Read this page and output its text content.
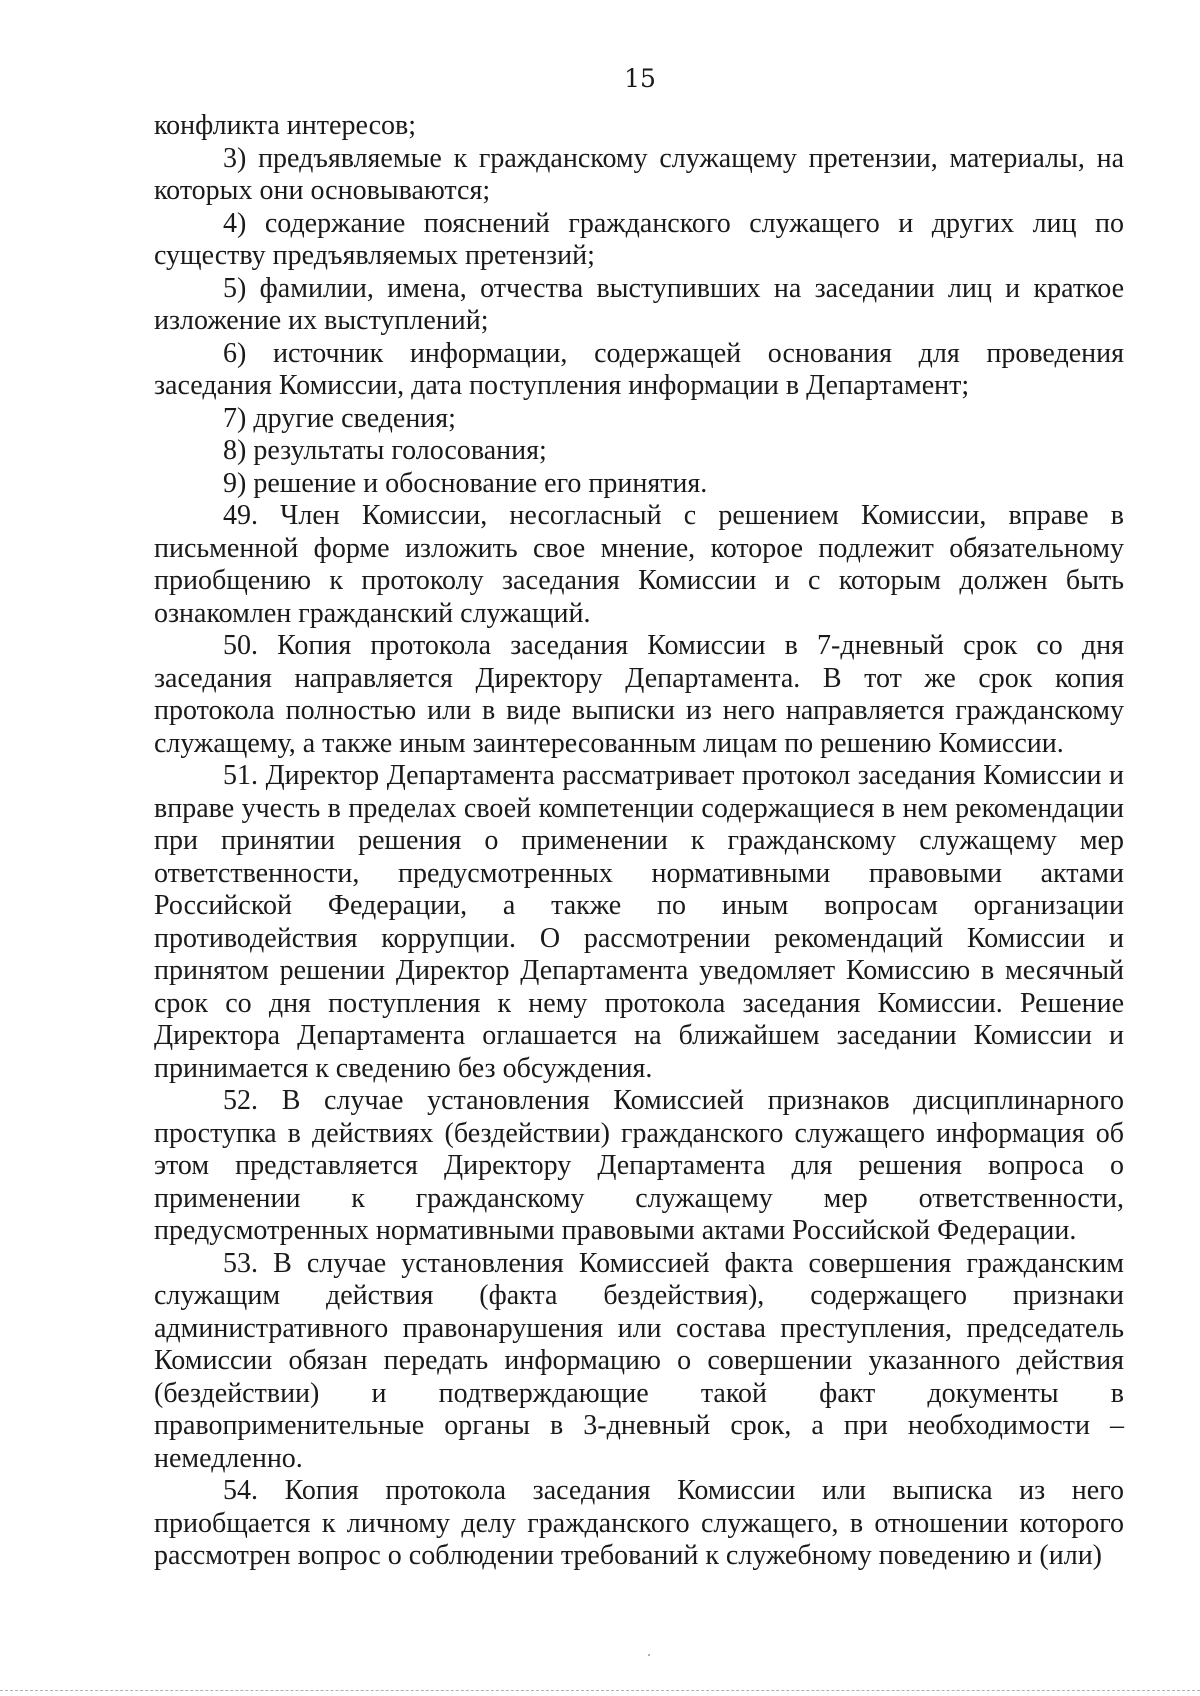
15

конфликта интересов;

3) предъявляемые к гражданскому служащему претензии, материалы, на которых они основываются;

4) содержание пояснений гражданского служащего и других лиц по существу предъявляемых претензий;

5) фамилии, имена, отчества выступивших на заседании лиц и краткое изложение их выступлений;

6) источник информации, содержащей основания для проведения заседания Комиссии, дата поступления информации в Департамент;

7) другие сведения;

8) результаты голосования;

9) решение и обоснование его принятия.

49. Член Комиссии, несогласный с решением Комиссии, вправе в письменной форме изложить свое мнение, которое подлежит обязательному приобщению к протоколу заседания Комиссии и с которым должен быть ознакомлен гражданский служащий.

50. Копия протокола заседания Комиссии в 7-дневный срок со дня заседания направляется Директору Департамента. В тот же срок копия протокола полностью или в виде выписки из него направляется гражданскому служащему, а также иным заинтересованным лицам по решению Комиссии.

51. Директор Департамента рассматривает протокол заседания Комиссии и вправе учесть в пределах своей компетенции содержащиеся в нем рекомендации при принятии решения о применении к гражданскому служащему мер ответственности, предусмотренных нормативными правовыми актами Российской Федерации, а также по иным вопросам организации противодействия коррупции. О рассмотрении рекомендаций Комиссии и принятом решении Директор Департамента уведомляет Комиссию в месячный срок со дня поступления к нему протокола заседания Комиссии. Решение Директора Департамента оглашается на ближайшем заседании Комиссии и принимается к сведению без обсуждения.

52. В случае установления Комиссией признаков дисциплинарного проступка в действиях (бездействии) гражданского служащего информация об этом представляется Директору Департамента для решения вопроса о применении к гражданскому служащему мер ответственности, предусмотренных нормативными правовыми актами Российской Федерации.

53. В случае установления Комиссией факта совершения гражданским служащим действия (факта бездействия), содержащего признаки административного правонарушения или состава преступления, председатель Комиссии обязан передать информацию о совершении указанного действия (бездействии) и подтверждающие такой факт документы в правоприменительные органы в 3-дневный срок, а при необходимости – немедленно.

54. Копия протокола заседания Комиссии или выписка из него приобщается к личному делу гражданского служащего, в отношении которого рассмотрен вопрос о соблюдении требований к служебному поведению и (или)
